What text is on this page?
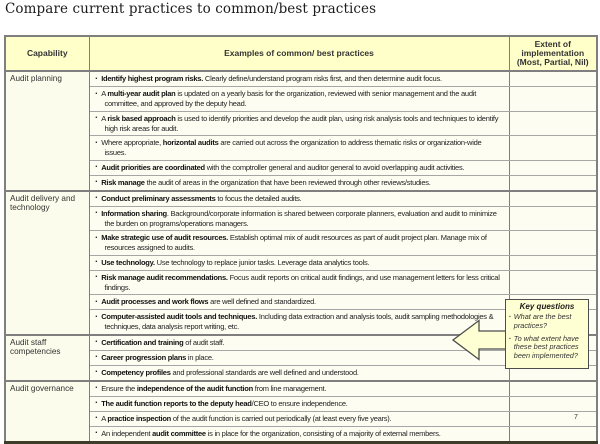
Compare current practices to common/best practices
Capability	Examples of common/ best practices	Extent of
implementation
(Most, Partial, Nil)

Audit planning	▪ Identify highest program risks. Clearly define/understand program risks first, and then determine audit focus.	
	▪ A multi-year audit plan is updated on a yearly basis for the organization, reviewed with senior management and the audit committee, and approved by the deputy head.	
	▪ A risk based approach is used to identify priorities and develop the audit plan, using risk analysis tools and techniques to identify high risk areas for audit.	
	▪ Where appropriate, horizontal audits are carried out across the organization to address thematic risks or organization-wide issues.	
	▪ Audit priorities are coordinated with the comptroller general and auditor general to avoid overlapping audit activities.	
	▪ Risk manage the audit of areas in the organization that have been reviewed through other reviews/studies.	
Audit delivery and technology	▪ Conduct preliminary assessments to focus the detailed audits.	
	▪ Information sharing. Background/corporate information is shared between corporate planners, evaluation and audit to minimize the burden on programs/operations managers.	
	▪ Make strategic use of audit resources. Establish optimal mix of audit resources as part of audit project plan. Manage mix of resources assigned to audits.	
	▪ Use technology. Use technology to replace junior tasks. Leverage data analytics tools.	
	▪ Risk manage audit recommendations. Focus audit reports on critical audit findings, and use management letters for less critical findings.	
	▪ Audit processes and work flows are well defined and standardized.	
	▪ Computer-assisted audit tools and techniques. Including data extraction and analysis tools, audit sampling methodologies & techniques, data analysis report writing, etc.	
Audit staff competencies	▪ Certification and training of audit staff.	
	▪ Career progression plans in place.	
	▪ Competency profiles and professional standards are well defined and understood.	
Audit governance	▪ Ensure the independence of the audit function from line management.	
	▪ The audit function reports to the deputy head/CEO to ensure independence.	
	▪ A practice inspection of the audit function is carried out periodically (at least every five years).	
	▪ An independent audit committee is in place for the organization, consisting of a majority of external members.	
Key questions
▪ What are the best practices?
▪ To what extent have these best practices been implemented?
7
